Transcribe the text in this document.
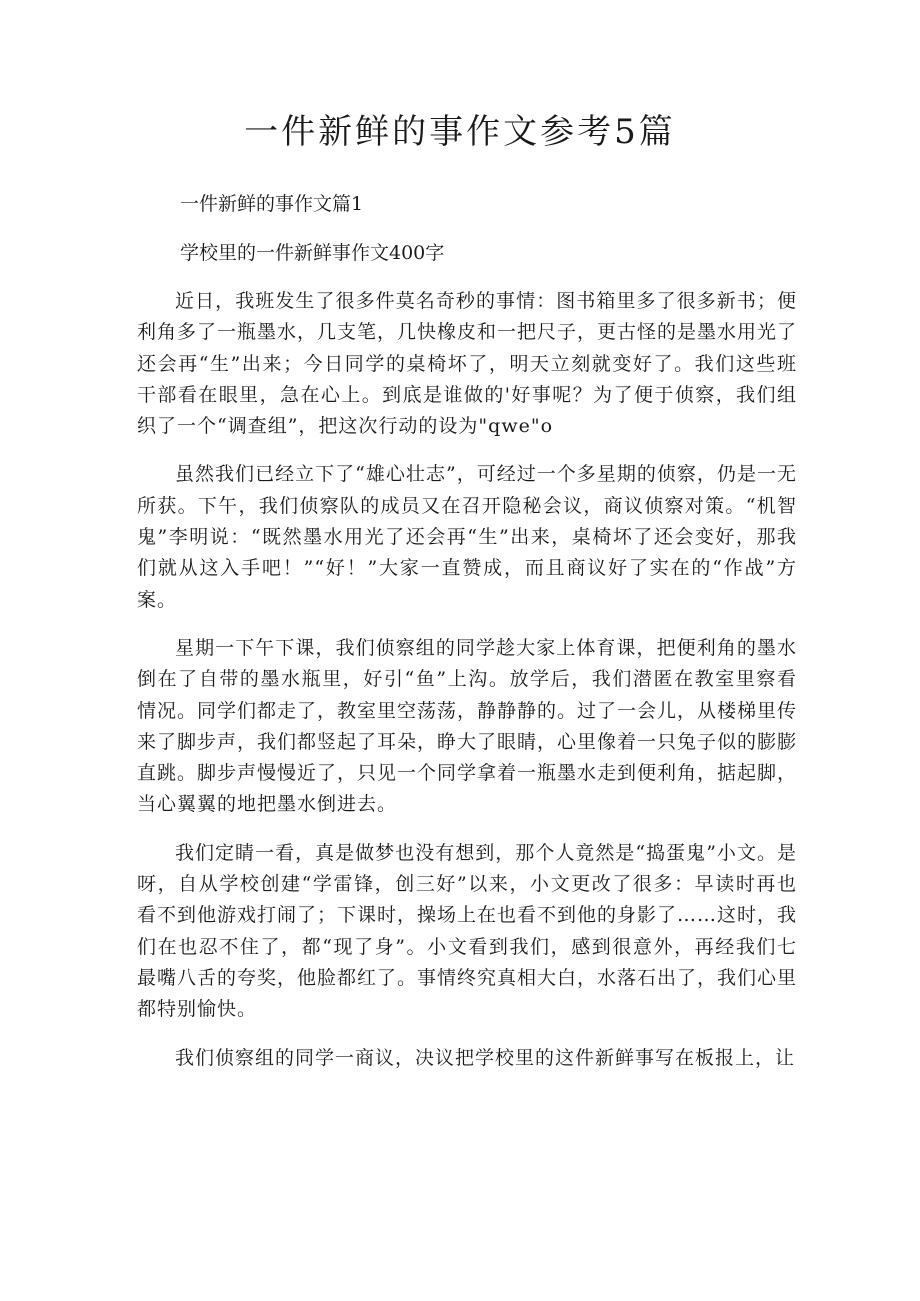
一件新鲜的事作文参考5篇

一件新鲜的事作文篇1

学校里的一件新鲜事作文400字

近日，我班发生了很多件莫名奇秒的事情：图书箱里多了很多新书；便利角多了一瓶墨水，几支笔，几快橡皮和一把尺子，更古怪的是墨水用光了还会再“生”出来；今日同学的桌椅坏了，明天立刻就变好了。我们这些班干部看在眼里，急在心上。到底是谁做的'好事呢？为了便于侦察，我们组织了一个“调查组”，把这次行动的设为"qwe"o

虽然我们已经立下了“雄心壮志”，可经过一个多星期的侦察，仍是一无所获。下午，我们侦察队的成员又在召开隐秘会议，商议侦察对策。“机智鬼”李明说：“既然墨水用光了还会再“生”出来，桌椅坏了还会变好，那我们就从这入手吧！”“好！”大家一直赞成，而且商议好了实在的“作战”方案。

星期一下午下课，我们侦察组的同学趁大家上体育课，把便利角的墨水倒在了自带的墨水瓶里，好引“鱼”上沟。放学后，我们潜匿在教室里察看情况。同学们都走了，教室里空荡荡，静静静的。过了一会儿，从楼梯里传来了脚步声，我们都竖起了耳朵，睁大了眼睛，心里像着一只兔子似的膨膨直跳。脚步声慢慢近了，只见一个同学拿着一瓶墨水走到便利角，掂起脚，当心翼翼的地把墨水倒进去。

我们定睛一看，真是做梦也没有想到，那个人竟然是“捣蛋鬼”小文。是呀，自从学校创建“学雷锋，创三好”以来，小文更改了很多：早读时再也看不到他游戏打闹了；下课时，操场上在也看不到他的身影了……这时，我们在也忍不住了，都“现了身”。小文看到我们，感到很意外，再经我们七最嘴八舌的夸奖，他脸都红了。事情终究真相大白，水落石出了，我们心里都特别愉快。

我们侦察组的同学一商议，决议把学校里的这件新鲜事写在板报上，让
